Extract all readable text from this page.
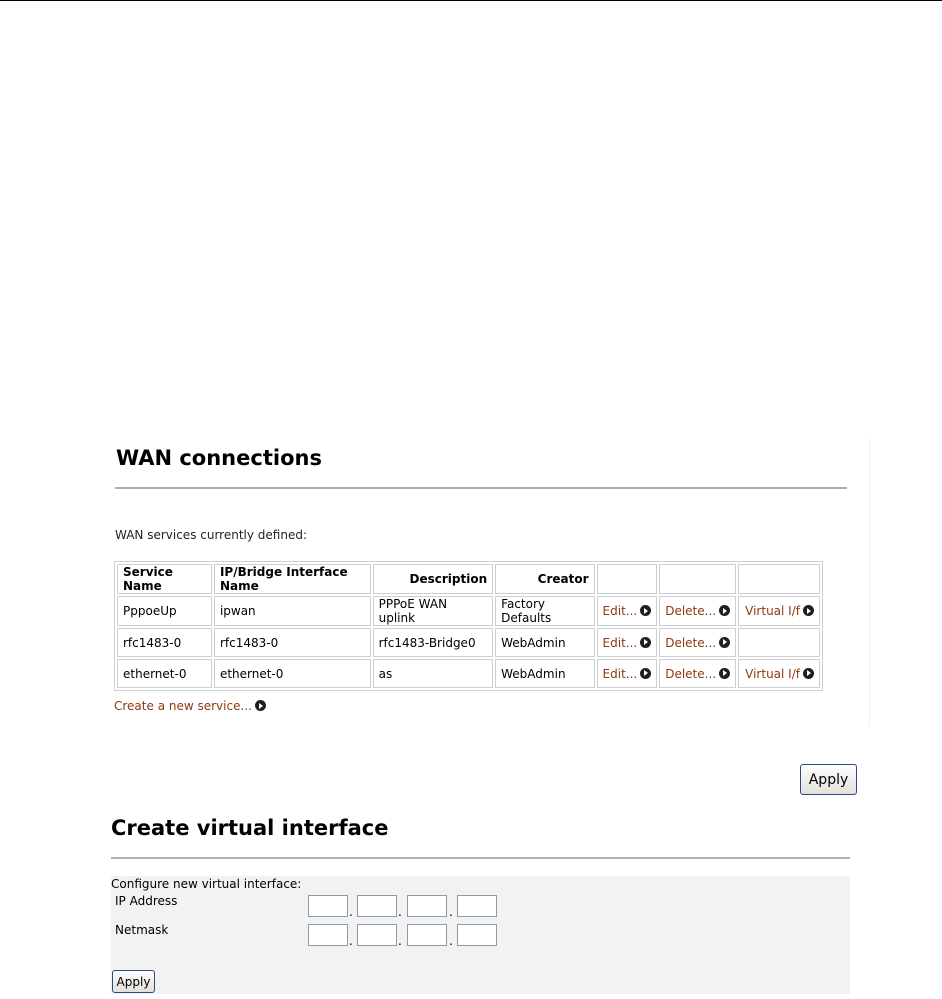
WAN connections
WAN services currently defined:
Service Name	IP/Bridge Interface Name	Description	Creator			
PppoeUp	ipwan	PPPoE WAN uplink	Factory Defaults	Edit...	Delete...	Virtual I/f
rfc1483-0	rfc1483-0	rfc1483-Bridge0	WebAdmin	Edit...	Delete...	
ethernet-0	ethernet-0	as	WebAdmin	Edit...	Delete...	Virtual I/f
Create a new service...
Apply
Create virtual interface
Configure new virtual interface:
IP Address
.	.	.
Netmask
.	.	.
Apply
